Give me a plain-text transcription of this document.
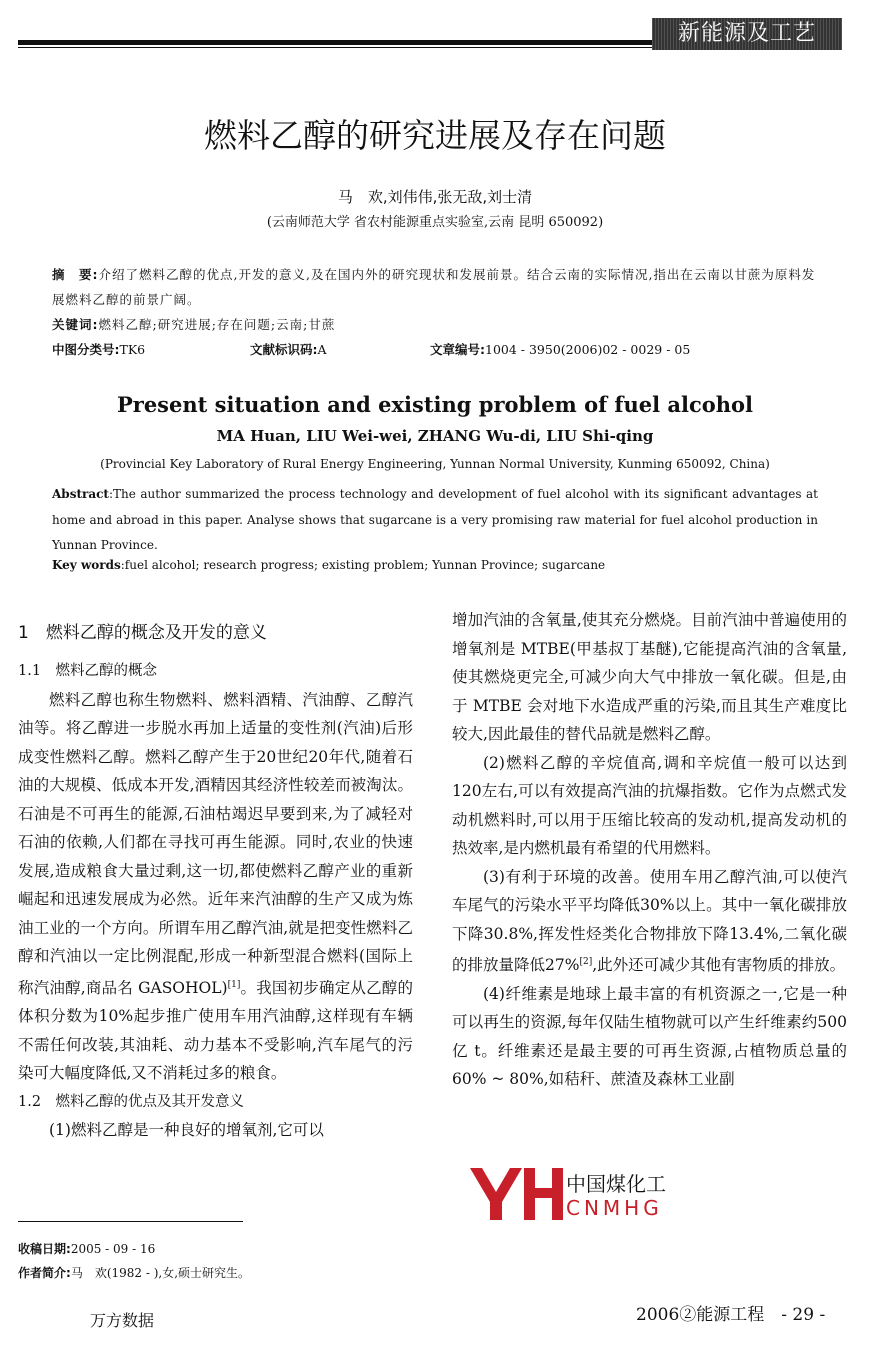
新能源及工艺
燃料乙醇的研究进展及存在问题
马　欢,刘伟伟,张无敌,刘士清
(云南师范大学 省农村能源重点实验室,云南 昆明 650092)
摘　要:介绍了燃料乙醇的优点,开发的意义,及在国内外的研究现状和发展前景。结合云南的实际情况,指出在云南以甘蔗为原料发展燃料乙醇的前景广阔。
关键词:燃料乙醇;研究进展;存在问题;云南;甘蔗
中图分类号:TK6	文献标识码:A	文章编号:1004 - 3950(2006)02 - 0029 - 05
Present situation and existing problem of fuel alcohol
MA Huan, LIU Wei-wei, ZHANG Wu-di, LIU Shi-qing
(Provincial Key Laboratory of Rural Energy Engineering, Yunnan Normal University, Kunming 650092, China)
Abstract:The author summarized the process technology and development of fuel alcohol with its significant advantages at home and abroad in this paper. Analyse shows that sugarcane is a very promising raw material for fuel alcohol production in Yunnan Province.
Key words:fuel alcohol; research progress; existing problem; Yunnan Province; sugarcane
1　燃料乙醇的概念及开发的意义

1.1　燃料乙醇的概念

燃料乙醇也称生物燃料、燃料酒精、汽油醇、乙醇汽油等。将乙醇进一步脱水再加上适量的变性剂(汽油)后形成变性燃料乙醇。燃料乙醇产生于20世纪20年代,随着石油的大规模、低成本开发,酒精因其经济性较差而被淘汰。石油是不可再生的能源,石油枯竭迟早要到来,为了减轻对石油的依赖,人们都在寻找可再生能源。同时,农业的快速发展,造成粮食大量过剩,这一切,都使燃料乙醇产业的重新崛起和迅速发展成为必然。近年来汽油醇的生产又成为炼油工业的一个方向。所谓车用乙醇汽油,就是把变性燃料乙醇和汽油以一定比例混配,形成一种新型混合燃料(国际上称汽油醇,商品名 GASOHOL)[1]。我国初步确定从乙醇的体积分数为10%起步推广使用车用汽油醇,这样现有车辆不需任何改装,其油耗、动力基本不受影响,汽车尾气的污染可大幅度降低,又不消耗过多的粮食。

1.2　燃料乙醇的优点及其开发意义

(1)燃料乙醇是一种良好的增氧剂,它可以

增加汽油的含氧量,使其充分燃烧。目前汽油中普遍使用的增氧剂是 MTBE(甲基叔丁基醚),它能提高汽油的含氧量,使其燃烧更完全,可减少向大气中排放一氧化碳。但是,由于 MTBE 会对地下水造成严重的污染,而且其生产难度比较大,因此最佳的替代品就是燃料乙醇。

(2)燃料乙醇的辛烷值高,调和辛烷值一般可以达到120左右,可以有效提高汽油的抗爆指数。它作为点燃式发动机燃料时,可以用于压缩比较高的发动机,提高发动机的热效率,是内燃机最有希望的代用燃料。

(3)有利于环境的改善。使用车用乙醇汽油,可以使汽车尾气的污染水平平均降低30%以上。其中一氧化碳排放下降30.8%,挥发性烃类化合物排放下降13.4%,二氧化碳的排放量降低27%[2],此外还可减少其他有害物质的排放。

(4)纤维素是地球上最丰富的有机资源之一,它是一种可以再生的资源,每年仅陆生植物就可以产生纤维素约500亿 t。纤维素还是最主要的可再生资源,占植物质总量的60% ~ 80%,如秸秆、蔗渣及森林工业副

中国煤化工
CNMHG
收稿日期:2005 - 09 - 16
作者简介:马　欢(1982 - ),女,硕士研究生。
万方数据	2006②能源工程　- 29 -
